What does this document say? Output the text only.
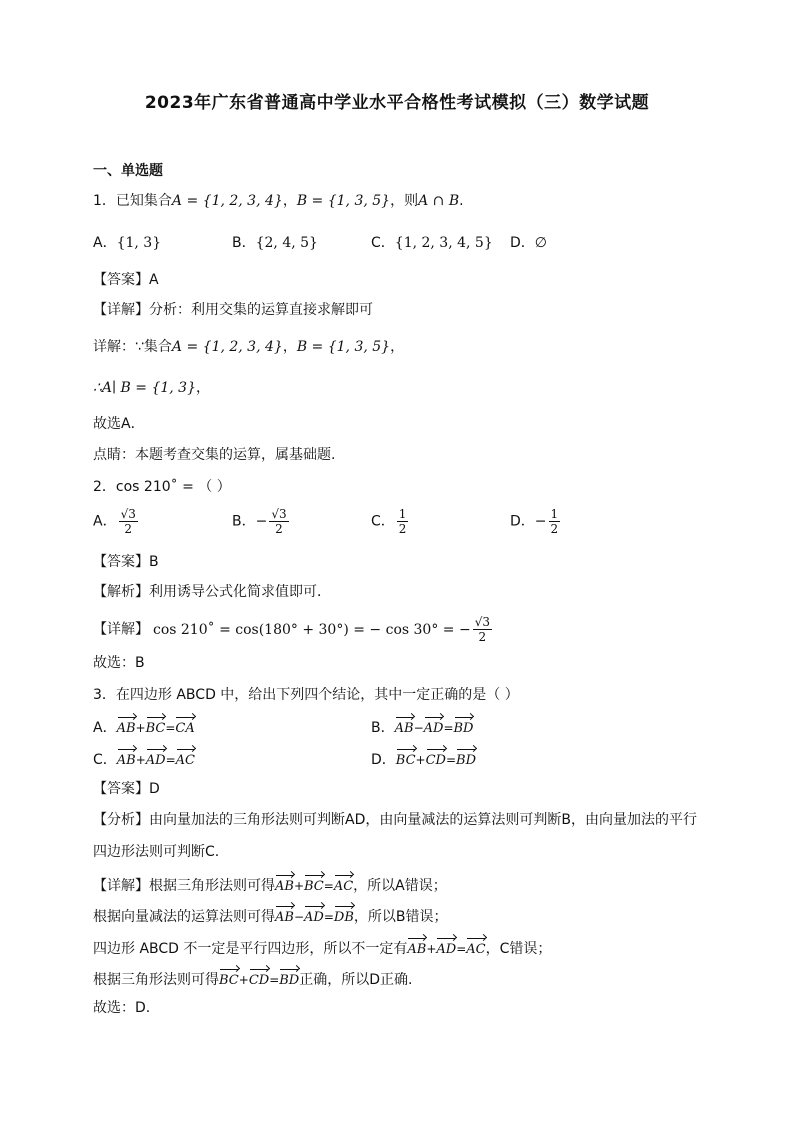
2023年广东省普通高中学业水平合格性考试模拟（三）数学试题
一、单选题
1．已知集合A = {1, 2, 3, 4}，B = {1, 3, 5}，则A ∩ B.
A．{1, 3}	B．{2, 4, 5}	C．{1, 2, 3, 4, 5} D．∅
【答案】A
【详解】分析：利用交集的运算直接求解即可
详解：∵集合A = {1, 2, 3, 4}，B = {1, 3, 5}，
∴A∣ B = {1, 3}，
故选A．
点睛：本题考查交集的运算，属基础题.
2．cos 210˚ = （ ）
A． $\frac{√3}{2}$	B．− $\frac{√3}{2}$	C． $\frac{1}{2}$	D．− $\frac{1}{2}$
【答案】B
【解析】利用诱导公式化简求值即可．
【详解】 cos 210˚ = cos(180° + 30°) = − cos 30° = − $\frac{√3}{2}$
故选：B
3．在四边形 ABCD 中，给出下列四个结论，其中一定正确的是（ ）
A．AB+BC=CA	B．AB−AD=BD
C．AB+AD=AC	D．BC+CD=BD
【答案】D
【分析】由向量加法的三角形法则可判断AD，由向量减法的运算法则可判断B，由向量加法的平行
四边形法则可判断C.
【详解】根据三角形法则可得AB+BC=AC，所以A错误；
根据向量减法的运算法则可得AB−AD=DB，所以B错误；
四边形 ABCD 不一定是平行四边形，所以不一定有AB+AD=AC，C错误；
根据三角形法则可得BC+CD=BD正确，所以D正确.
故选：D.
